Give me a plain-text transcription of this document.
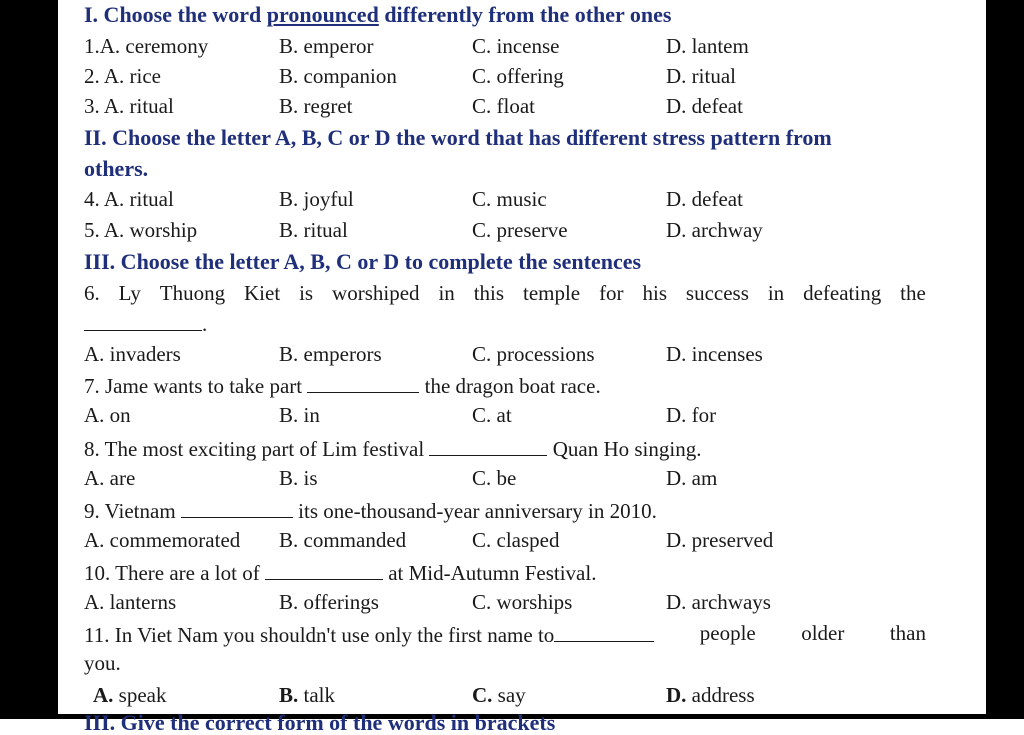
I. Choose the word pronounced differently from the other ones
1.A. ceremony	B. emperor	C. incense	D. lantem
2. A. rice	B. companion	C. offering	D. ritual
3. A. ritual	B. regret	C. float	D. defeat
II. Choose the letter A, B, C or D the word that has different stress pattern from
others.
4. A. ritual	B. joyful	C. music	D. defeat
5. A. worship	B. ritual	C. preserve	D. archway
III. Choose the letter A, B, C or D to complete the sentences
6. Ly Thuong Kiet is worshiped in this temple for his success in defeating the
.
A. invaders	B. emperors	C. processions	D. incenses
7. Jame wants to take part	the dragon boat race.
A. on	B. in	C. at	D. for
8. The most exciting part of Lim festival	Quan Ho singing.
A. are	B. is	C. be	D. am
9. Vietnam	its one-thousand-year anniversary in 2010.
A. commemorated B. commanded	C. clasped	D. preserved
10. There are a lot of	at Mid-Autumn Festival.
A. lanterns	B. offerings	C. worships	D. archways
11. In Viet Nam you shouldn't use only the first name to	people older than
you.
A. speak	B. talk	C. say	D. address
III. Give the correct form of the words in brackets
